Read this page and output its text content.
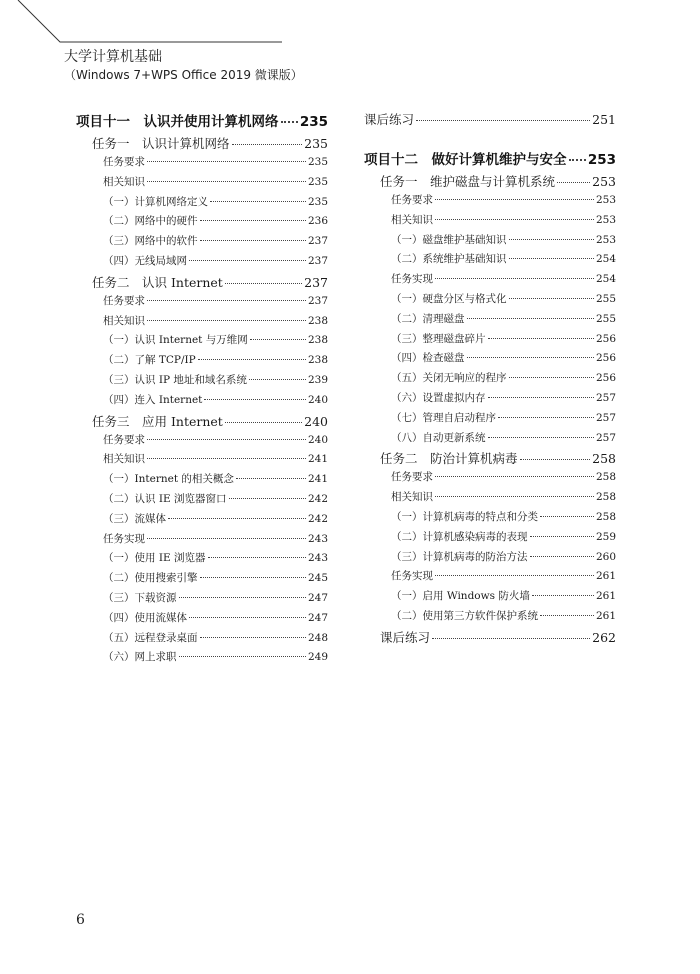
大学计算机基础
（Windows 7+WPS Office 2019 微课版）
项目十一　认识并使用计算机网络 235
任务一　认识计算机网络	235
任务要求	235
相关知识	235
（一）计算机网络定义	235
（二）网络中的硬件	236
（三）网络中的软件	237
（四）无线局域网	237
任务二　认识 Internet	237
任务要求	237
相关知识	238
（一）认识 Internet 与万维网	238
（二）了解 TCP/IP	238
（三）认识 IP 地址和域名系统	239
（四）连入 Internet	240
任务三　应用 Internet	240
任务要求	240
相关知识	241
（一）Internet 的相关概念	241
（二）认识 IE 浏览器窗口	242
（三）流媒体	242
任务实现	243
（一）使用 IE 浏览器	243
（二）使用搜索引擎	245
（三）下载资源	247
（四）使用流媒体	247
（五）远程登录桌面	248
（六）网上求职	249
课后练习	251
项目十二　做好计算机维护与安全 253
任务一　维护磁盘与计算机系统	253
任务要求	253
相关知识	253
（一）磁盘维护基础知识	253
（二）系统维护基础知识	254
任务实现	254
（一）硬盘分区与格式化	255
（二）清理磁盘	255
（三）整理磁盘碎片	256
（四）检查磁盘	256
（五）关闭无响应的程序	256
（六）设置虚拟内存	257
（七）管理自启动程序	257
（八）自动更新系统	257
任务二　防治计算机病毒	258
任务要求	258
相关知识	258
（一）计算机病毒的特点和分类	258
（二）计算机感染病毒的表现	259
（三）计算机病毒的防治方法	260
任务实现	261
（一）启用 Windows 防火墙	261
（二）使用第三方软件保护系统	261
课后练习	262
6
